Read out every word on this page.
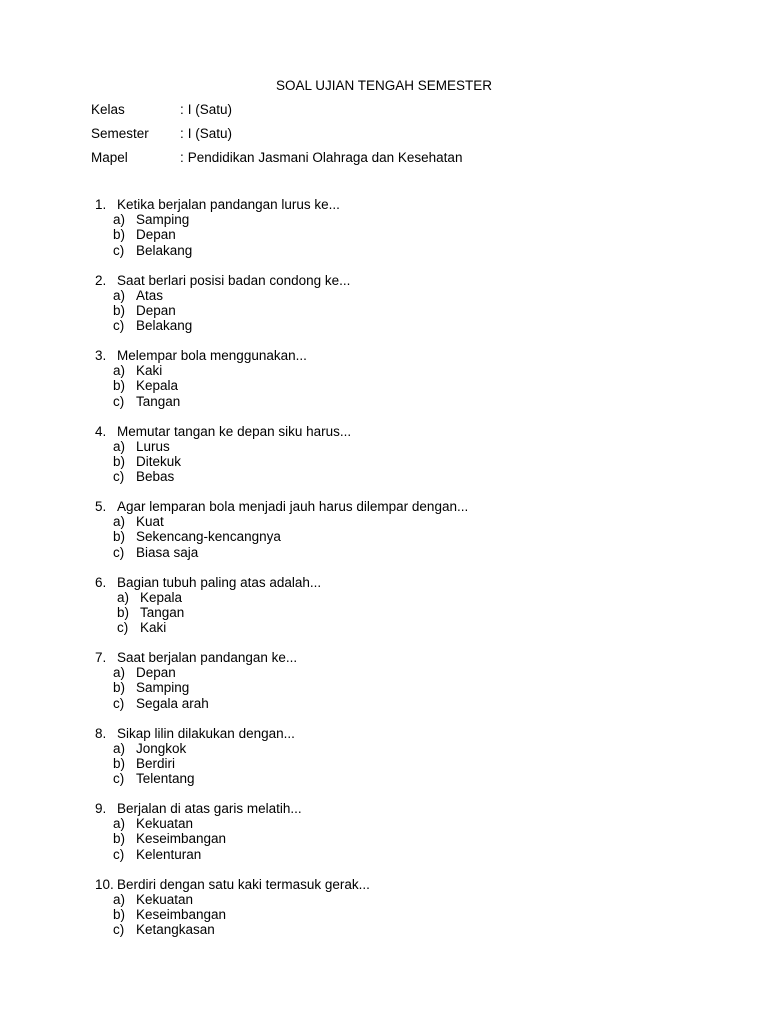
SOAL UJIAN TENGAH SEMESTER
Kelas	: I (Satu)
Semester : I (Satu)
Mapel	: Pendidikan Jasmani Olahraga dan Kesehatan
1. Ketika berjalan pandangan lurus ke...
a) Samping
b) Depan
c) Belakang
2. Saat berlari posisi badan condong ke...
a) Atas
b) Depan
c) Belakang
3. Melempar bola menggunakan...
a) Kaki
b) Kepala
c) Tangan
4. Memutar tangan ke depan siku harus...
a) Lurus
b) Ditekuk
c) Bebas
5. Agar lemparan bola menjadi jauh harus dilempar dengan...
a) Kuat
b) Sekencang-kencangnya
c) Biasa saja
6. Bagian tubuh paling atas adalah...
a) Kepala
b) Tangan
c) Kaki
7. Saat berjalan pandangan ke...
a) Depan
b) Samping
c) Segala arah
8. Sikap lilin dilakukan dengan...
a) Jongkok
b) Berdiri
c) Telentang
9. Berjalan di atas garis melatih...
a) Kekuatan
b) Keseimbangan
c) Kelenturan
10. Berdiri dengan satu kaki termasuk gerak...
a) Kekuatan
b) Keseimbangan
c) Ketangkasan
